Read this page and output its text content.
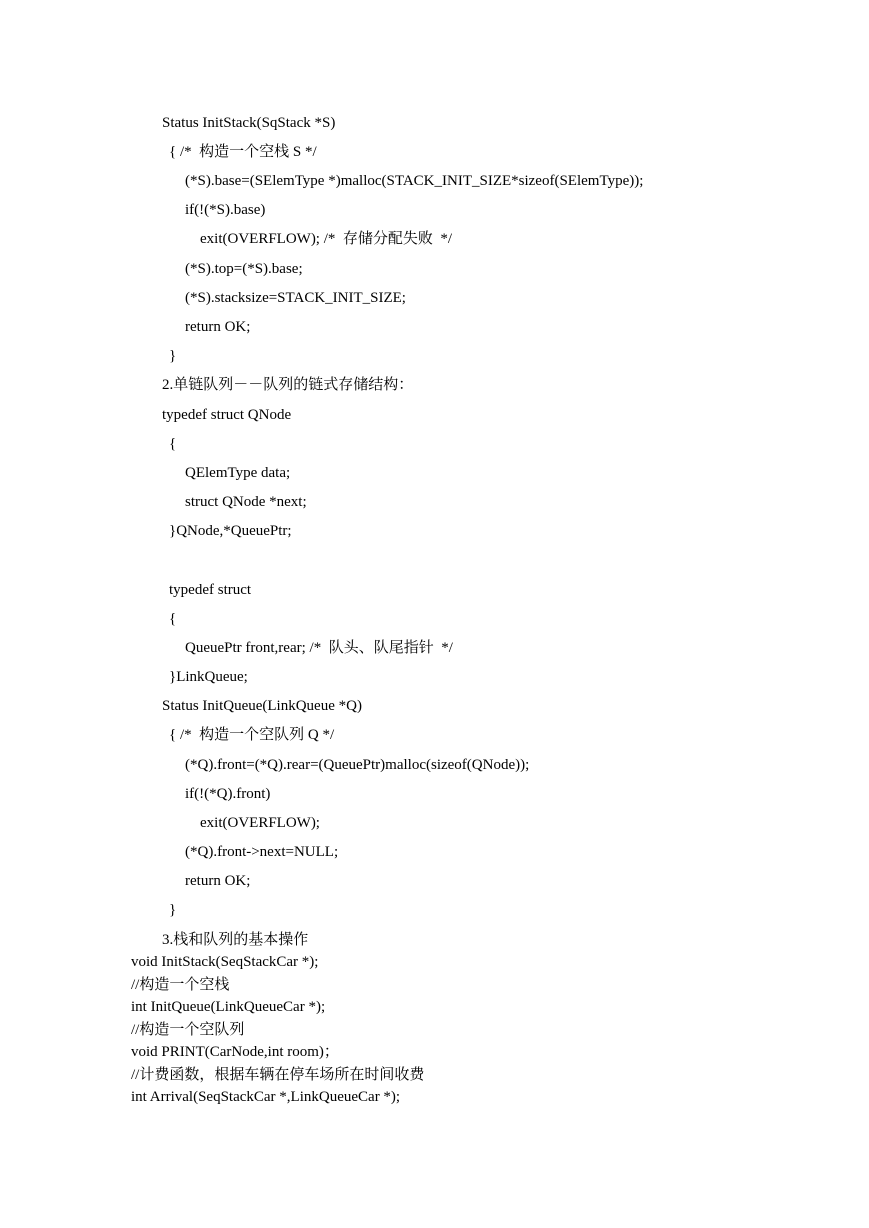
Status InitStack(SqStack *S)
{ /*  构造一个空栈 S */
(*S).base=(SElemType *)malloc(STACK_INIT_SIZE*sizeof(SElemType));
if(!(*S).base)
exit(OVERFLOW); /*  存储分配失败  */
(*S).top=(*S).base;
(*S).stacksize=STACK_INIT_SIZE;
return OK;
}
2.单链队列－－队列的链式存储结构：
typedef struct QNode
{
QElemType data;
struct QNode *next;
}QNode,*QueuePtr;
typedef struct
{
QueuePtr front,rear; /*  队头、队尾指针  */
}LinkQueue;
Status InitQueue(LinkQueue *Q)
{ /*  构造一个空队列 Q */
(*Q).front=(*Q).rear=(QueuePtr)malloc(sizeof(QNode));
if(!(*Q).front)
exit(OVERFLOW);
(*Q).front->next=NULL;
return OK;
}
3.栈和队列的基本操作
void InitStack(SeqStackCar *);
//构造一个空栈
int InitQueue(LinkQueueCar *);
//构造一个空队列
void PRINT(CarNode,int room)；
//计费函数，根据车辆在停车场所在时间收费
int Arrival(SeqStackCar *,LinkQueueCar *);
